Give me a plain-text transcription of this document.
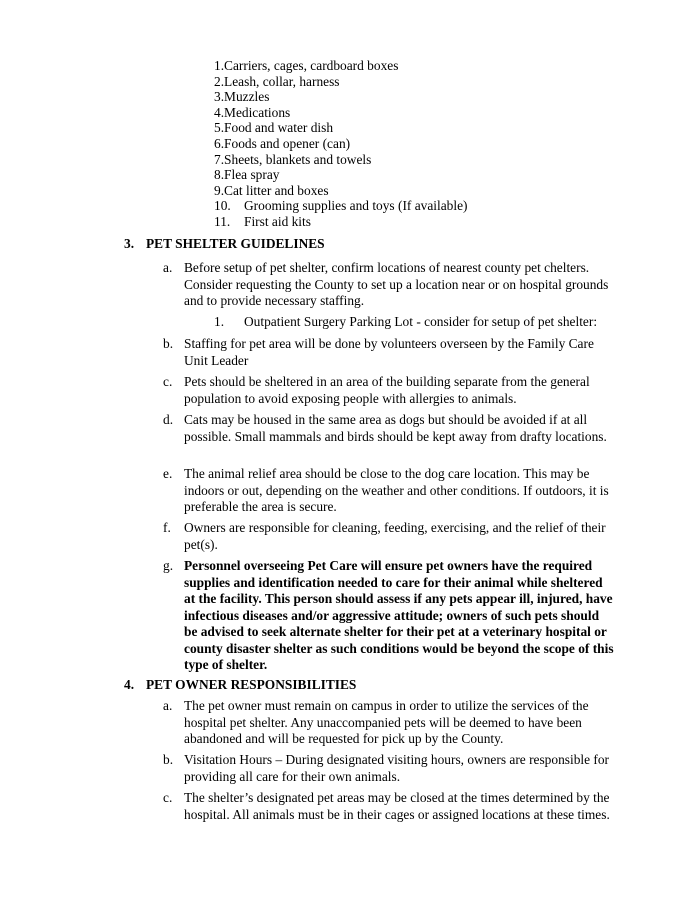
1.Carriers, cages, cardboard boxes
2.Leash, collar, harness
3.Muzzles
4.Medications
5.Food and water dish
6.Foods and opener (can)
7.Sheets, blankets and towels
8.Flea spray
9.Cat litter and boxes
10. Grooming supplies and toys (If available)
11. First aid kits
3. PET SHELTER GUIDELINES
a. Before setup of pet shelter, confirm locations of nearest county pet chelters. Consider requesting the County to set up a location near or on hospital grounds and to provide necessary staffing.
1. Outpatient Surgery Parking Lot - consider for setup of pet shelter:
b. Staffing for pet area will be done by volunteers overseen by the Family Care Unit Leader
c. Pets should be sheltered in an area of the building separate from the general population to avoid exposing people with allergies to animals.
d. Cats may be housed in the same area as dogs but should be avoided if at all possible. Small mammals and birds should be kept away from drafty locations.
e. The animal relief area should be close to the dog care location. This may be indoors or out, depending on the weather and other conditions. If outdoors, it is preferable the area is secure.
f. Owners are responsible for cleaning, feeding, exercising, and the relief of their pet(s).
g. Personnel overseeing Pet Care will ensure pet owners have the required supplies and identification needed to care for their animal while sheltered at the facility. This person should assess if any pets appear ill, injured, have infectious diseases and/or aggressive attitude; owners of such pets should be advised to seek alternate shelter for their pet at a veterinary hospital or county disaster shelter as such conditions would be beyond the scope of this type of shelter.
4. PET OWNER RESPONSIBILITIES
a. The pet owner must remain on campus in order to utilize the services of the hospital pet shelter. Any unaccompanied pets will be deemed to have been abandoned and will be requested for pick up by the County.
b. Visitation Hours – During designated visiting hours, owners are responsible for providing all care for their own animals.
c. The shelter’s designated pet areas may be closed at the times determined by the hospital. All animals must be in their cages or assigned locations at these times.
